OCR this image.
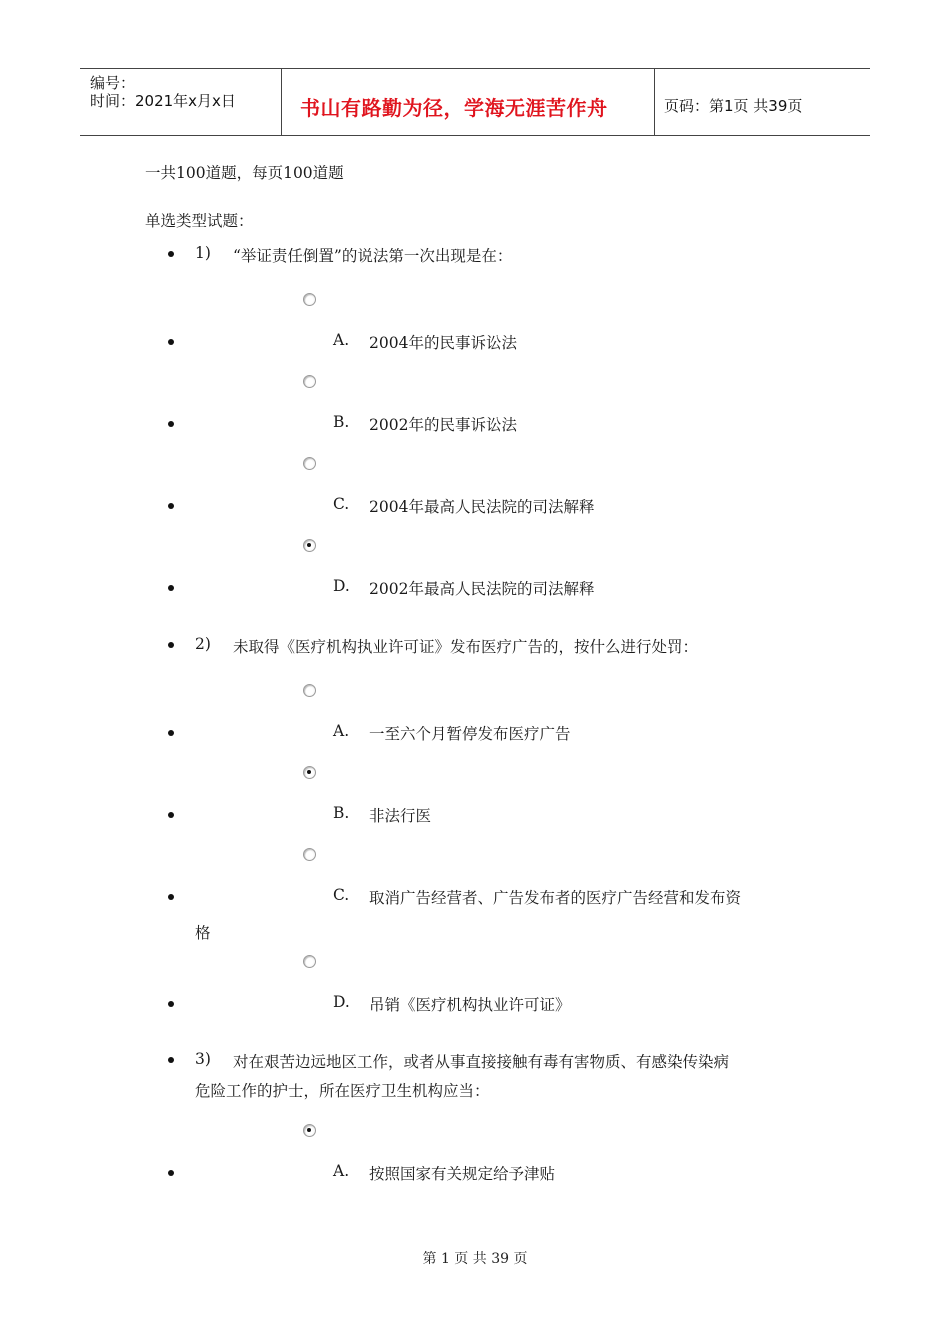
编号：
时间：2021年x月x日	书山有路勤为径，学海无涯苦作舟	页码：第1页 共39页
一共100道题，每页100道题
单选类型试题：
1) “举证责任倒置”的说法第一次出现是在：
A. 2004年的民事诉讼法
B. 2002年的民事诉讼法
C. 2004年最高人民法院的司法解释
D. 2002年最高人民法院的司法解释
2) 未取得《医疗机构执业许可证》发布医疗广告的，按什么进行处罚：
A. 一至六个月暂停发布医疗广告
B. 非法行医
C. 取消广告经营者、广告发布者的医疗广告经营和发布资
格
D. 吊销《医疗机构执业许可证》
3) 对在艰苦边远地区工作，或者从事直接接触有毒有害物质、有感染传染病
危险工作的护士，所在医疗卫生机构应当：
A. 按照国家有关规定给予津贴
第 1 页 共 39 页
